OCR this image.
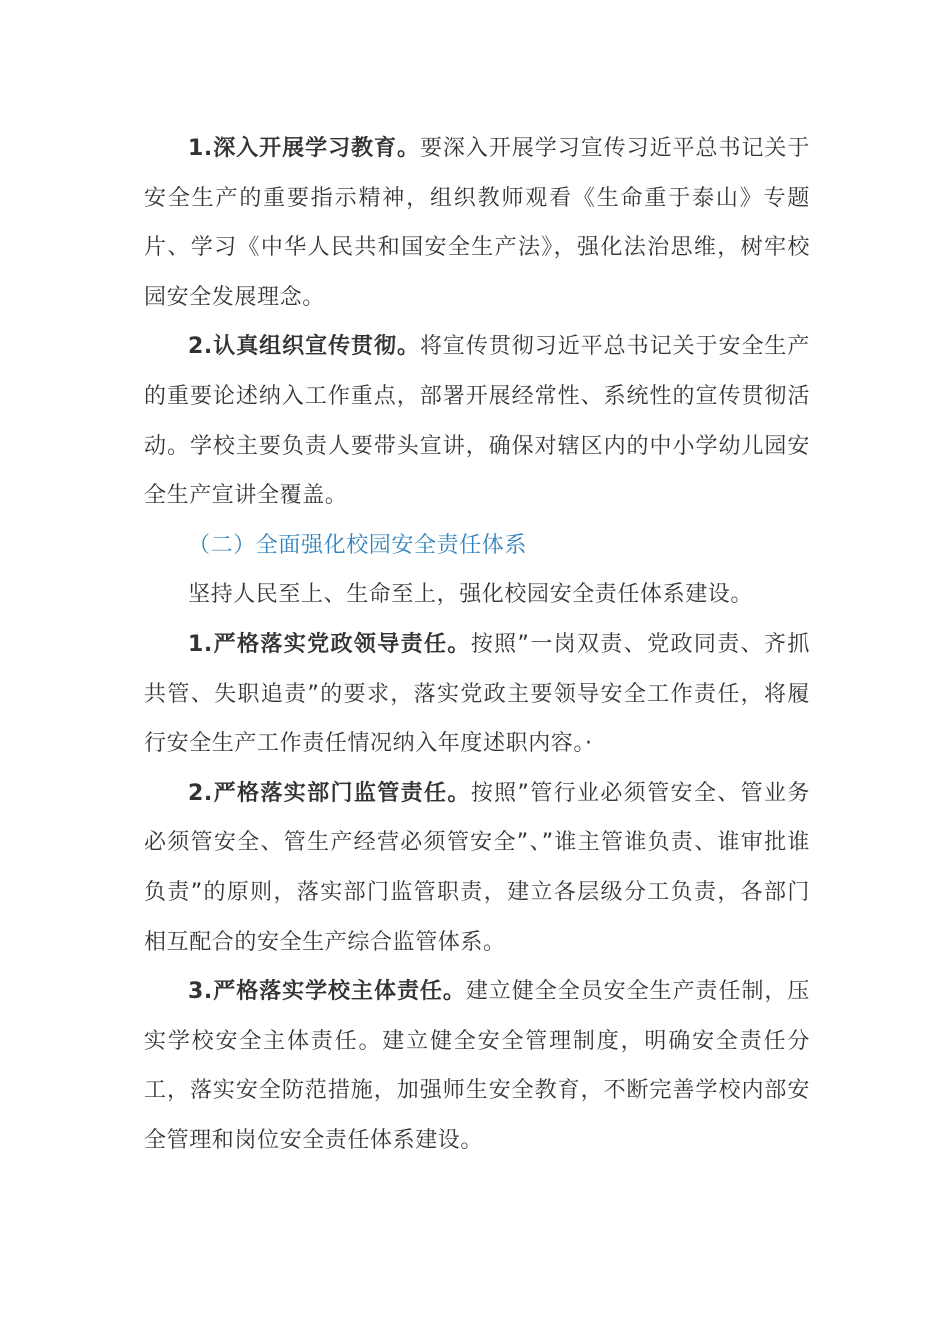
1.深入开展学习教育。要深入开展学习宣传习近平总书记关于安全生产的重要指示精神，组织教师观看《生命重于泰山》专题片、学习《中华人民共和国安全生产法》，强化法治思维，树牢校园安全发展理念。

2.认真组织宣传贯彻。将宣传贯彻习近平总书记关于安全生产的重要论述纳入工作重点，部署开展经常性、系统性的宣传贯彻活动。学校主要负责人要带头宣讲，确保对辖区内的中小学幼儿园安全生产宣讲全覆盖。

（二）全面强化校园安全责任体系

坚持人民至上、生命至上，强化校园安全责任体系建设。

1.严格落实党政领导责任。按照”一岗双责、党政同责、齐抓共管、失职追责”的要求，落实党政主要领导安全工作责任，将履行安全生产工作责任情况纳入年度述职内容。·

2.严格落实部门监管责任。按照”管行业必须管安全、管业务必须管安全、管生产经营必须管安全”、”谁主管谁负责、谁审批谁负责”的原则，落实部门监管职责，建立各层级分工负责，各部门相互配合的安全生产综合监管体系。

3.严格落实学校主体责任。建立健全全员安全生产责任制，压实学校安全主体责任。建立健全安全管理制度，明确安全责任分工，落实安全防范措施，加强师生安全教育，不断完善学校内部安全管理和岗位安全责任体系建设。
